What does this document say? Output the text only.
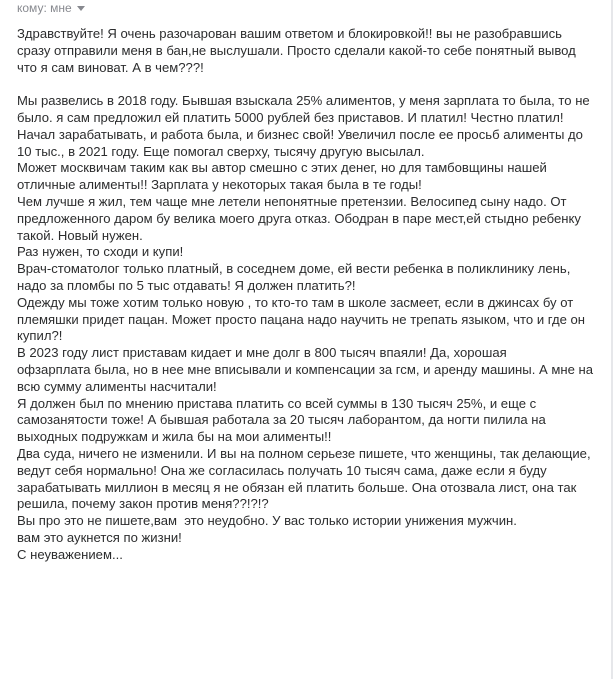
кому: мне
Здравствуйте! Я очень разочарован вашим ответом и блокировкой!! вы не разобравшись
сразу отправили меня в бан,не выслушали. Просто сделали какой-то себе понятный вывод
что я сам виноват. А в чем???!
Мы развелись в 2018 году. Бывшая взыскала 25% алиментов, у меня зарплата то была, то не
было. я сам предложил ей платить 5000 рублей без приставов. И платил! Честно платил!
Начал зарабатывать, и работа была, и бизнес свой! Увеличил после ее просьб алименты до
10 тыс., в 2021 году. Еще помогал сверху, тысячу другую высылал.
Может москвичам таким как вы автор смешно с этих денег, но для тамбовщины нашей
отличные алименты!! Зарплата у некоторых такая была в те годы!
Чем лучше я жил, тем чаще мне летели непонятные претензии. Велосипед сыну надо. От
предложенного даром бу велика моего друга отказ. Ободран в паре мест,ей стыдно ребенку
такой. Новый нужен.
Раз нужен, то сходи и купи!
Врач-стоматолог только платный, в соседнем доме, ей вести ребенка в поликлинику лень,
надо за пломбы по 5 тыс отдавать! Я должен платить?!
Одежду мы тоже хотим только новую , то кто-то там в школе засмеет, если в джинсах бу от
племяшки придет пацан. Может просто пацана надо научить не трепать языком, что и где он
купил?!
В 2023 году лист приставам кидает и мне долг в 800 тысяч впаяли! Да, хорошая
офзарплата была, но в нее мне вписывали и компенсации за гсм, и аренду машины. А мне на
всю сумму алименты насчитали!
Я должен был по мнению пристава платить со всей суммы в 130 тысяч 25%, и еще с
самозанятости тоже! А бывшая работала за 20 тысяч лаборантом, да ногти пилила на
выходных подружкам и жила бы на мои алименты!!
Два суда, ничего не изменили. И вы на полном серьезе пишете, что женщины, так делающие,
ведут себя нормально! Она же согласилась получать 10 тысяч сама, даже если я буду
зарабатывать миллион в месяц я не обязан ей платить больше. Она отозвала лист, она так
решила, почему закон против меня??!?!?
Вы про это не пишете,вам  это неудобно. У вас только истории унижения мужчин.
вам это аукнется по жизни!
С неуважением...
